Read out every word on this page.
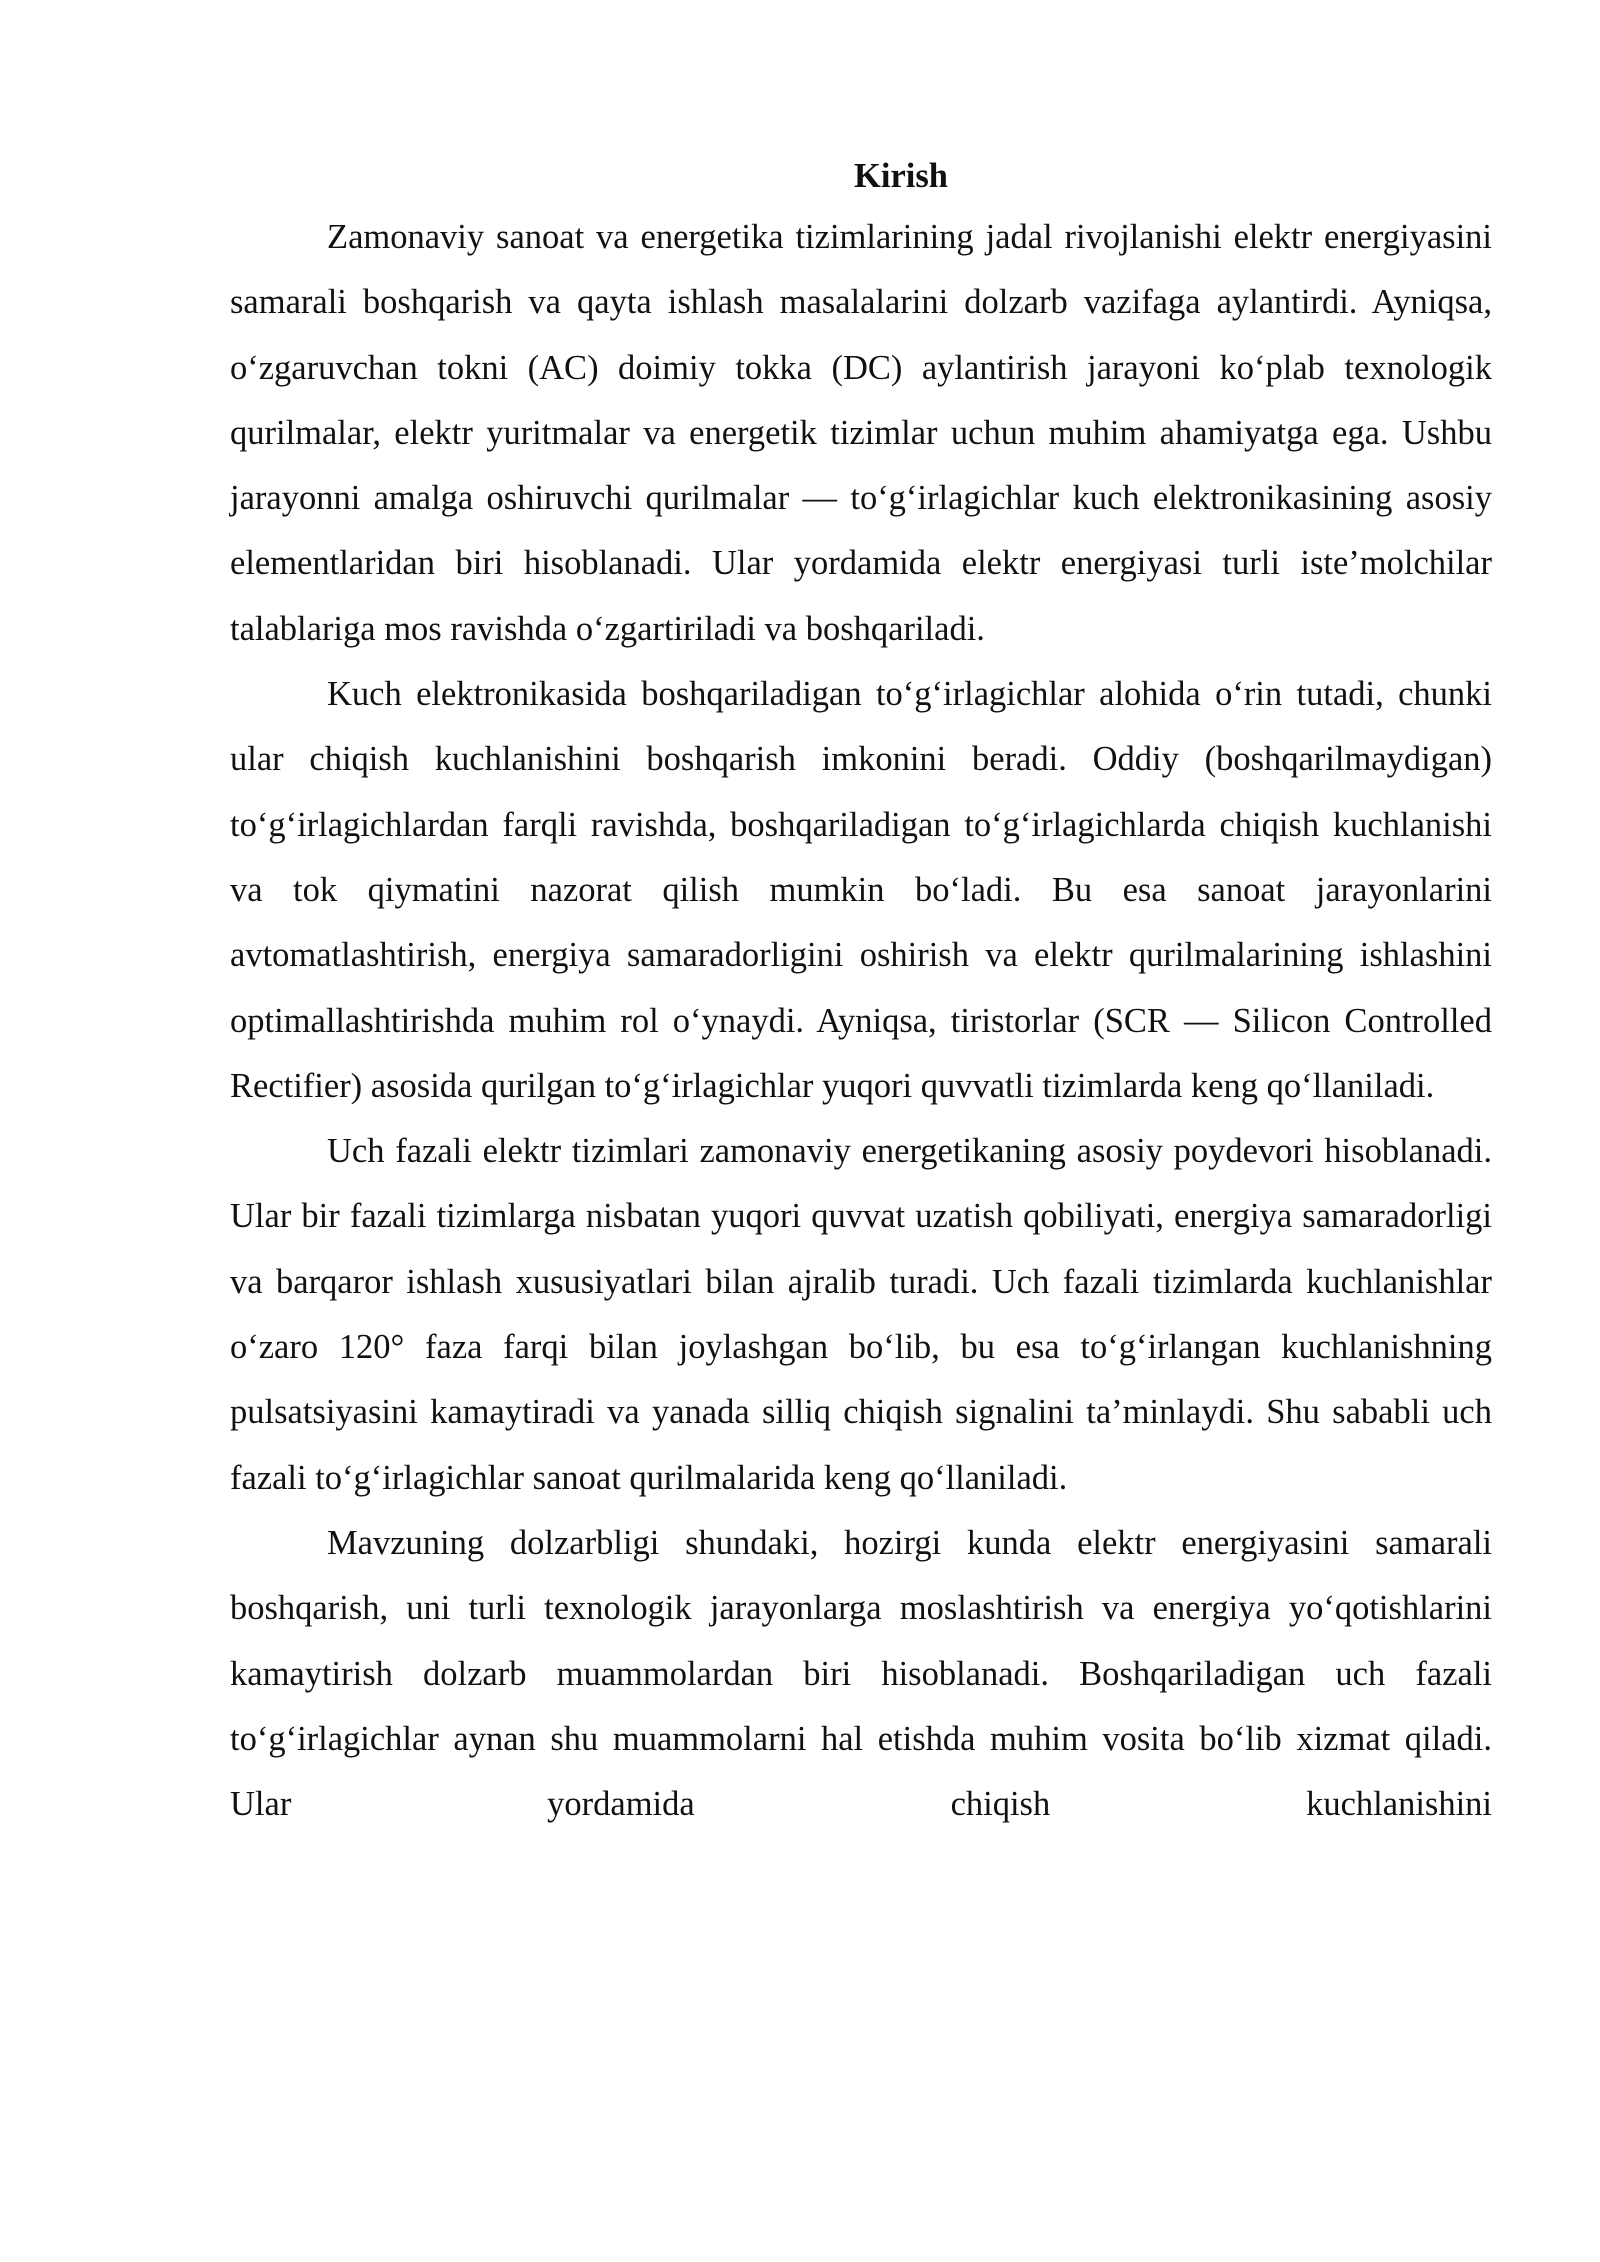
Kirish

Zamonaviy sanoat va energetika tizimlarining jadal rivojlanishi elektr energiyasini samarali boshqarish va qayta ishlash masalalarini dolzarb vazifaga aylantirdi. Ayniqsa, o‘zgaruvchan tokni (AC) doimiy tokka (DC) aylantirish jarayoni ko‘plab texnologik qurilmalar, elektr yuritmalar va energetik tizimlar uchun muhim ahamiyatga ega. Ushbu jarayonni amalga oshiruvchi qurilmalar — to‘g‘irlagichlar kuch elektronikasining asosiy elementlaridan biri hisoblanadi. Ular yordamida elektr energiyasi turli iste’molchilar talablariga mos ravishda o‘zgartiriladi va boshqariladi.

Kuch elektronikasida boshqariladigan to‘g‘irlagichlar alohida o‘rin tutadi, chunki ular chiqish kuchlanishini boshqarish imkonini beradi. Oddiy (boshqarilmaydigan) to‘g‘irlagichlardan farqli ravishda, boshqariladigan to‘g‘irlagichlarda chiqish kuchlanishi va tok qiymatini nazorat qilish mumkin bo‘ladi. Bu esa sanoat jarayonlarini avtomatlashtirish, energiya samaradorligini oshirish va elektr qurilmalarining ishlashini optimallashtirishda muhim rol o‘ynaydi. Ayniqsa, tiristorlar (SCR — Silicon Controlled Rectifier) asosida qurilgan to‘g‘irlagichlar yuqori quvvatli tizimlarda keng qo‘llaniladi.

Uch fazali elektr tizimlari zamonaviy energetikaning asosiy poydevori hisoblanadi. Ular bir fazali tizimlarga nisbatan yuqori quvvat uzatish qobiliyati, energiya samaradorligi va barqaror ishlash xususiyatlari bilan ajralib turadi. Uch fazali tizimlarda kuchlanishlar o‘zaro 120° faza farqi bilan joylashgan bo‘lib, bu esa to‘g‘irlangan kuchlanishning pulsatsiyasini kamaytiradi va yanada silliq chiqish signalini ta’minlaydi. Shu sababli uch fazali to‘g‘irlagichlar sanoat qurilmalarida keng qo‘llaniladi.

Mavzuning dolzarbligi shundaki, hozirgi kunda elektr energiyasini samarali boshqarish, uni turli texnologik jarayonlarga moslashtirish va energiya yo‘qotishlarini kamaytirish dolzarb muammolardan biri hisoblanadi. Boshqariladigan uch fazali to‘g‘irlagichlar aynan shu muammolarni hal etishda muhim vosita bo‘lib xizmat qiladi. Ular yordamida chiqish kuchlanishini
